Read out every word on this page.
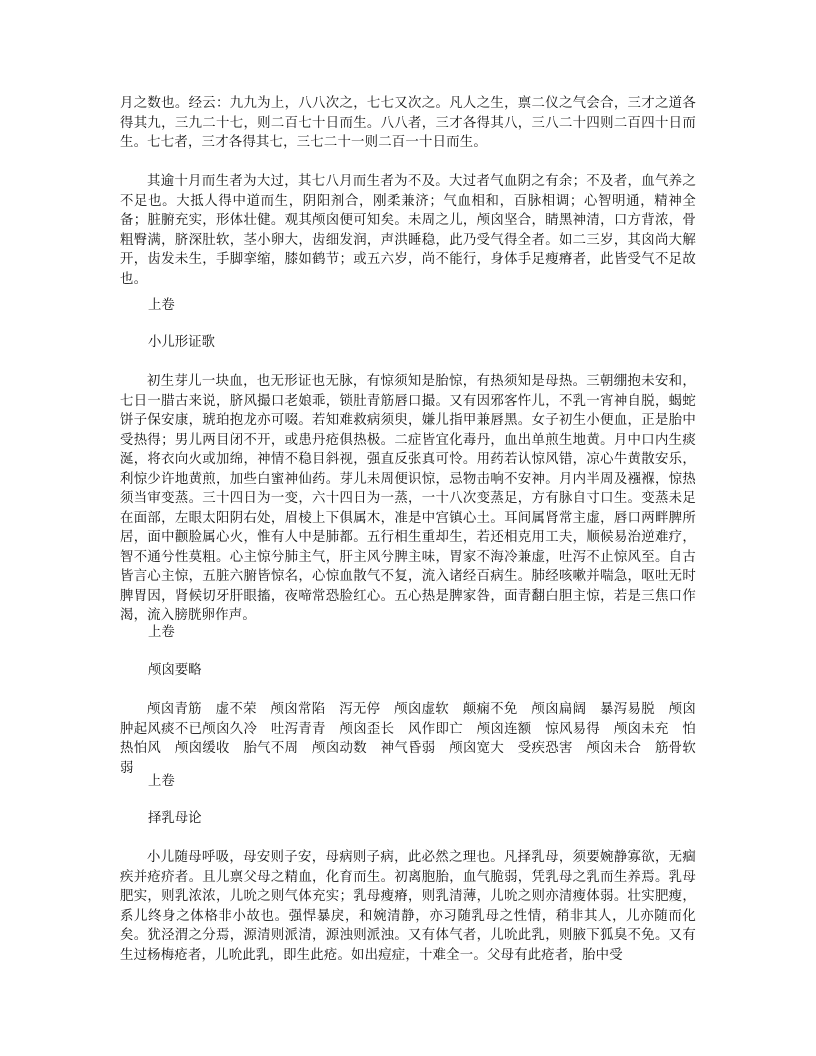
月之数也。经云：九九为上，八八次之，七七又次之。凡人之生，禀二仪之气会合，三才之道各得其九，三九二十七，则二百七十日而生。八八者，三才各得其八，三八二十四则二百四十日而生。七七者，三才各得其七，三七二十一则二百一十日而生。

其逾十月而生者为大过，其七八月而生者为不及。大过者气血阴之有余；不及者，血气养之不足也。大抵人得中道而生，阴阳剂合，刚柔兼济；气血相和，百脉相调；心智明通，精神全备；脏腑充实，形体壮健。观其颅囟便可知矣。未周之儿，颅囟坚合，睛黑神清，口方背浓，骨粗臀满，脐深肚软，茎小卵大，齿细发润，声洪睡稳，此乃受气得全者。如二三岁，其囟尚大解开，齿发未生，手脚挛缩，膝如鹤节；或五六岁，尚不能行，身体手足瘦瘠者，此皆受气不足故也。

上卷

小儿形证歌

初生芽儿一块血，也无形证也无脉，有惊须知是胎惊，有热须知是母热。三朝绷抱未安和，七日一腊古来说，脐风撮口老娘乖，锁肚青筋唇口撮。又有因邪客忤儿，不乳一宵神自脱，蝎蛇饼子保安康，琥珀抱龙亦可啜。若知难救病须臾，嫌儿指甲兼唇黑。女子初生小便血，正是胎中受热得；男儿两目闭不开，或患丹疮俱热极。二症皆宜化毒丹，血出单煎生地黄。月中口内生痰涎，将衣向火或加绵，神情不稳目斜视，强直反张真可怜。用药若认惊风错，凉心牛黄散安乐，利惊少许地黄煎，加些白蜜神仙药。芽儿未周便识惊，忌物击响不安神。月内半周及襁褓，惊热须当审变蒸。三十四日为一变，六十四日为一蒸，一十八次变蒸足，方有脉自寸口生。变蒸未足在面部，左眼太阳阴右处，眉棱上下俱属木，准是中宫镇心土。耳间属肾常主虚，唇口两畔脾所居，面中颧脸属心火，惟有人中是肺都。五行相生重却生，若还相克用工夫，顺候易治逆难疗，智不通兮性莫粗。心主惊兮肺主气，肝主风兮脾主味，胃家不海冷兼虚，吐泻不止惊风至。自古皆言心主惊，五脏六腑皆惊名，心惊血散气不复，流入诸经百病生。肺经咳嗽并喘急，呕吐无时脾胃因，肾候切牙肝眼搐，夜啼常恐脸红心。五心热是脾家咎，面青翻白胆主惊，若是三焦口作渴，流入膀胱卵作声。

上卷

颅囟要略

颅囟青筋　虚不荣　颅囟常陷　泻无停　颅囟虚软　颠痫不免　颅囟扁阔　暴泻易脱　颅囟肿起风痰不已颅囟久冷　吐泻青青　颅囟歪长　风作即亡　颅囟连额　惊风易得　颅囟未充　怕热怕风　颅囟缓收　胎气不周　颅囟动数　神气昏弱　颅囟宽大　受疾恐害　颅囟未合　筋骨软弱

上卷

择乳母论

小儿随母呼吸，母安则子安，母病则子病，此必然之理也。凡择乳母，须要婉静寡欲，无痼疾并疮疥者。且儿禀父母之精血，化育而生。初离胞胎，血气脆弱，凭乳母之乳而生养焉。乳母肥实，则乳浓浓，儿吮之则气体充实；乳母瘦瘠，则乳清薄，儿吮之则亦清瘦体弱。壮实肥瘦，系儿终身之体格非小故也。强悍暴戾，和婉清静，亦习随乳母之性情，稍非其人，儿亦随而化矣。犹泾渭之分焉，源清则派清，源浊则派浊。又有体气者，儿吮此乳，则腋下狐臭不免。又有生过杨梅疮者，儿吮此乳，即生此疮。如出痘症，十难全一。父母有此疮者，胎中受
